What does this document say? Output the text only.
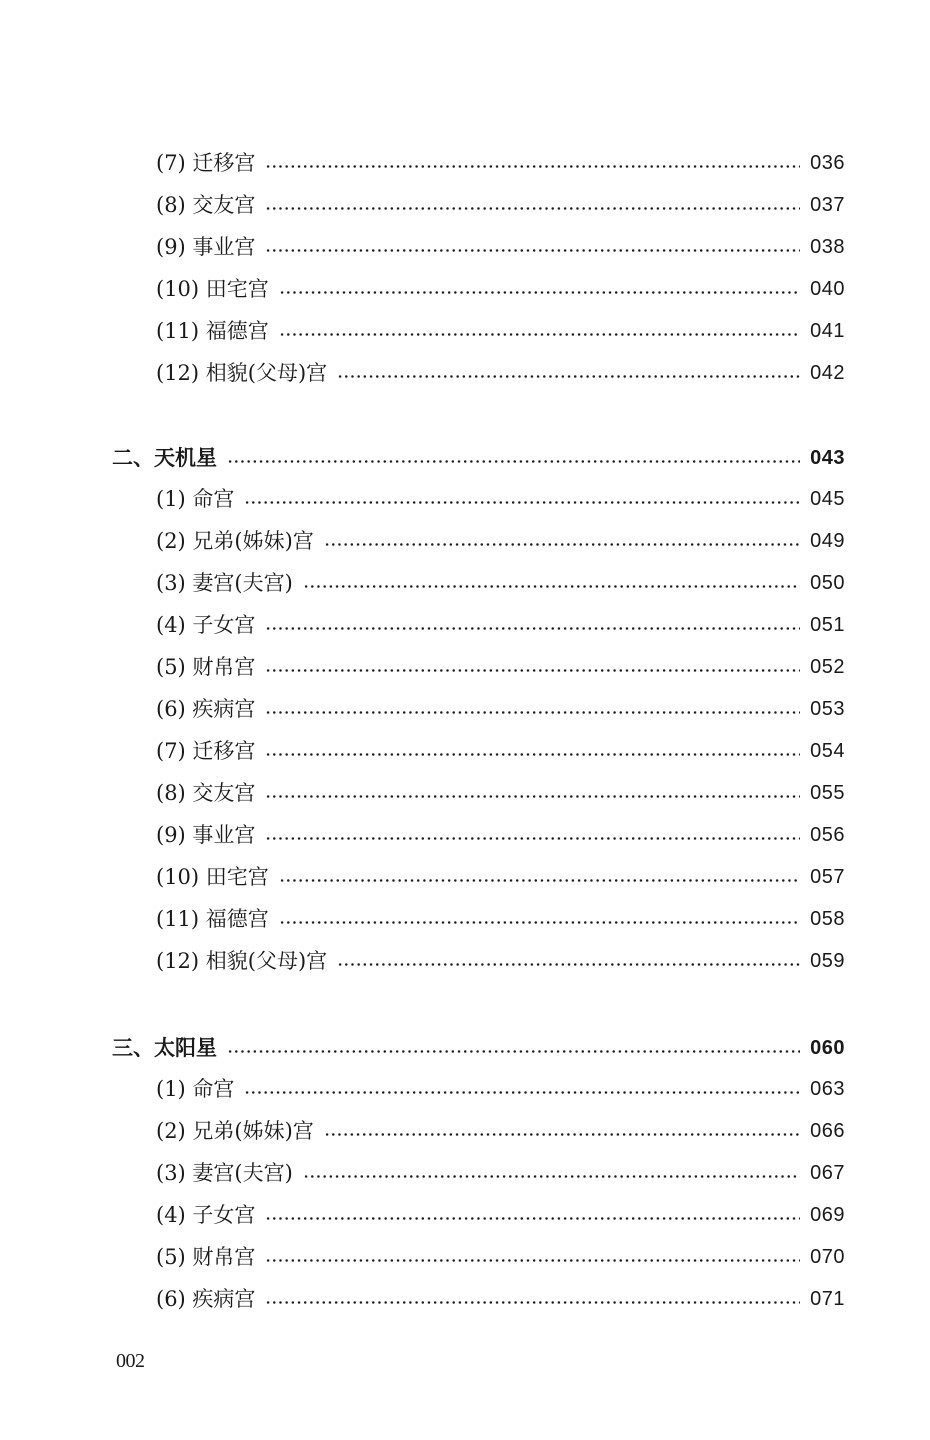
(7) 迁移宫	036
(8) 交友宫	037
(9) 事业宫	038
(10) 田宅宫	040
(11) 福德宫	041
(12) 相貌(父母)宫	042
二、天机星	043
(1) 命宫	045
(2) 兄弟(姊妹)宫	049
(3) 妻宫(夫宫)	050
(4) 子女宫	051
(5) 财帛宫	052
(6) 疾病宫	053
(7) 迁移宫	054
(8) 交友宫	055
(9) 事业宫	056
(10) 田宅宫	057
(11) 福德宫	058
(12) 相貌(父母)宫	059
三、太阳星	060
(1) 命宫	063
(2) 兄弟(姊妹)宫	066
(3) 妻宫(夫宫)	067
(4) 子女宫	069
(5) 财帛宫	070
(6) 疾病宫	071
002
